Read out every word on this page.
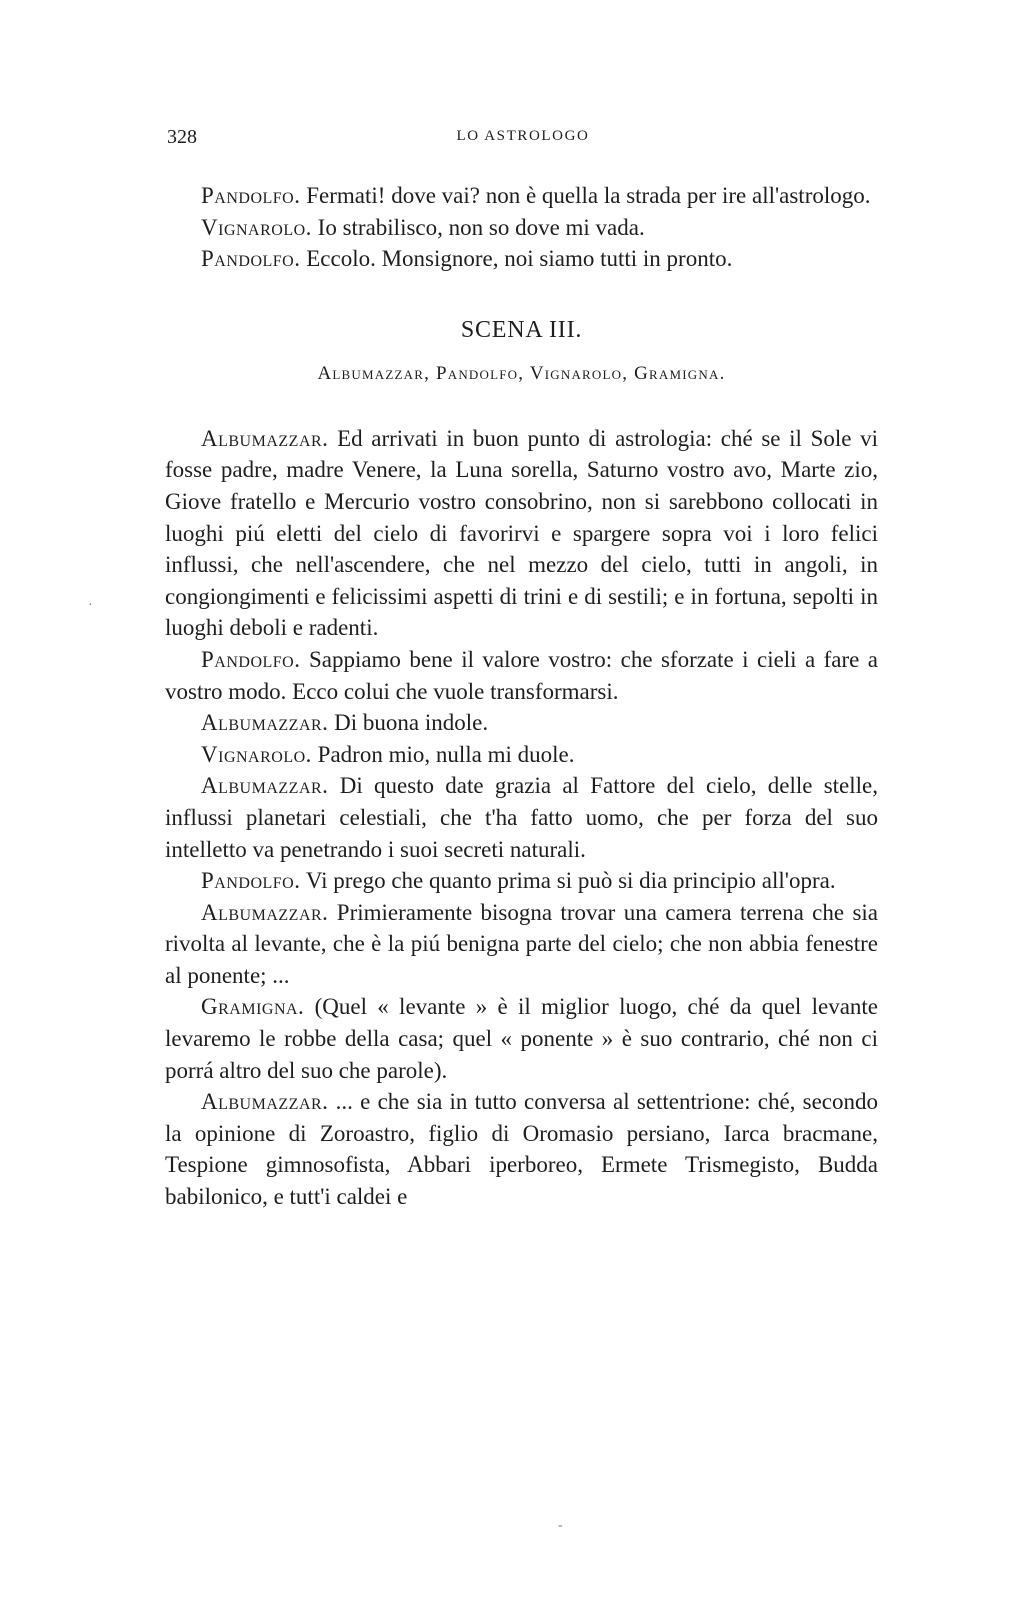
328	LO ASTROLOGO

Pandolfo. Fermati! dove vai? non è quella la strada per ire all'astrologo.

Vignarolo. Io strabilisco, non so dove mi vada.

Pandolfo. Eccolo. Monsignore, noi siamo tutti in pronto.

SCENA III.
Albumazzar, Pandolfo, Vignarolo, Gramigna.

Albumazzar. Ed arrivati in buon punto di astrologia: ché se il Sole vi fosse padre, madre Venere, la Luna sorella, Saturno vostro avo, Marte zio, Giove fratello e Mercurio vostro consobrino, non si sarebbono collocati in luoghi piú eletti del cielo di favorirvi e spargere sopra voi i loro felici influssi, che nell'ascendere, che nel mezzo del cielo, tutti in angoli, in congiongimenti e felicissimi aspetti di trini e di sestili; e in fortuna, sepolti in luoghi deboli e radenti.

Pandolfo. Sappiamo bene il valore vostro: che sforzate i cieli a fare a vostro modo. Ecco colui che vuole transformarsi.

Albumazzar. Di buona indole.

Vignarolo. Padron mio, nulla mi duole.

Albumazzar. Di questo date grazia al Fattore del cielo, delle stelle, influssi planetari celestiali, che t'ha fatto uomo, che per forza del suo intelletto va penetrando i suoi secreti naturali.

Pandolfo. Vi prego che quanto prima si può si dia principio all'opra.

Albumazzar. Primieramente bisogna trovar una camera terrena che sia rivolta al levante, che è la piú benigna parte del cielo; che non abbia fenestre al ponente; ...

Gramigna. (Quel « levante » è il miglior luogo, ché da quel levante levaremo le robbe della casa; quel « ponente » è suo contrario, ché non ci porrá altro del suo che parole).

Albumazzar. ... e che sia in tutto conversa al settentrione: ché, secondo la opinione di Zoroastro, figlio di Oromasio persiano, Iarca bracmane, Tespione gimnosofista, Abbari iperboreo, Ermete Trismegisto, Budda babilonico, e tutt'i caldei e

·
-
